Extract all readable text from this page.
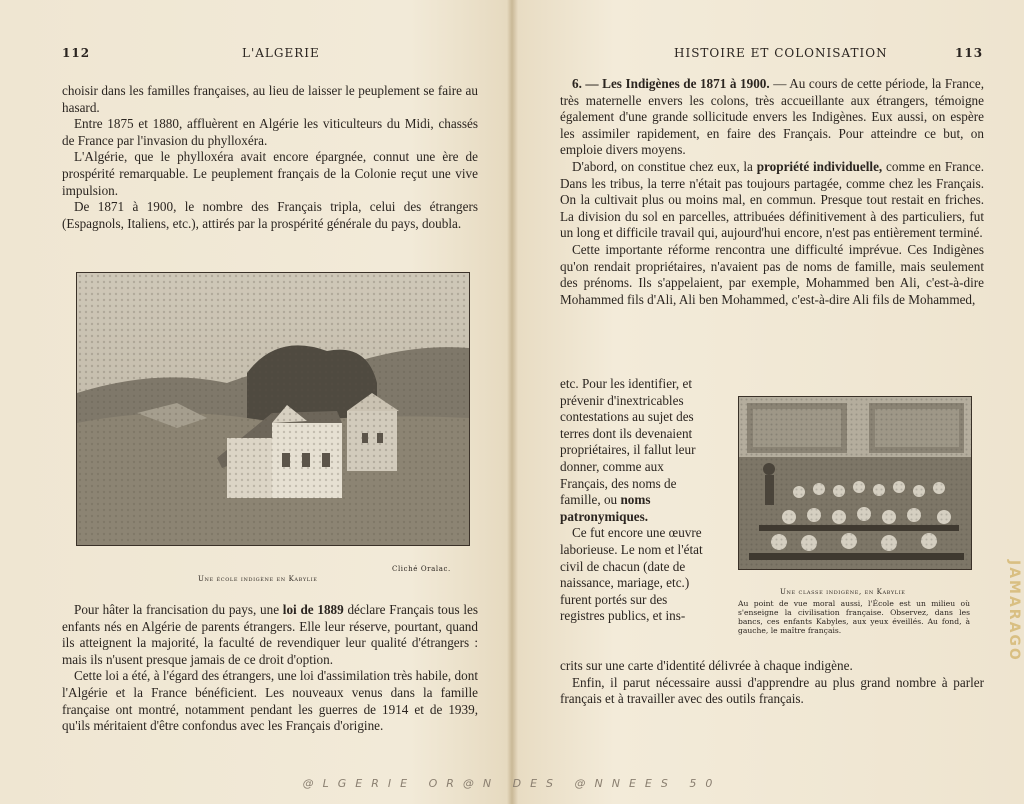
112	L'ALGERIE

choisir dans les familles françaises, au lieu de laisser le peuplement se faire au hasard.

Entre 1875 et 1880, affluèrent en Algérie les viticulteurs du Midi, chassés de France par l'invasion du phylloxéra.

L'Algérie, que le phylloxéra avait encore épargnée, connut une ère de prospérité remarquable. Le peuplement français de la Colonie reçut une vive impulsion.

De 1871 à 1900, le nombre des Français tripla, celui des étrangers (Espagnols, Italiens, etc.), attirés par la prospérité générale du pays, doubla.

Cliché Oralac.
Une école indigène en Kabylie

Pour hâter la francisation du pays, une loi de 1889 déclare Français tous les enfants nés en Algérie de parents étrangers. Elle leur réserve, pourtant, quand ils atteignent la majorité, la faculté de revendiquer leur qualité d'étrangers : mais ils n'usent presque jamais de ce droit d'option.

Cette loi a été, à l'égard des étrangers, une loi d'assimilation très habile, dont l'Algérie et la France bénéficient. Les nouveaux venus dans la famille française ont montré, notamment pendant les guerres de 1914 et de 1939, qu'ils méritaient d'être confondus avec les Français d'origine.

HISTOIRE ET COLONISATION	113

6. — Les Indigènes de 1871 à 1900. — Au cours de cette période, la France, très maternelle envers les colons, très accueillante aux étrangers, témoigne également d'une grande sollicitude envers les Indigènes. Eux aussi, on espère les assimiler rapidement, en faire des Français. Pour atteindre ce but, on emploie divers moyens.

D'abord, on constitue chez eux, la propriété individuelle, comme en France. Dans les tribus, la terre n'était pas toujours partagée, comme chez les Français. On la cultivait plus ou moins mal, en commun. Presque tout restait en friches. La division du sol en parcelles, attribuées définitivement à des particuliers, fut un long et difficile travail qui, aujourd'hui encore, n'est pas entièrement terminé.

Cette importante réforme rencontra une difficulté imprévue. Ces Indigènes qu'on rendait propriétaires, n'avaient pas de noms de famille, mais seulement des prénoms. Ils s'appelaient, par exemple, Mohammed ben Ali, c'est-à-dire Mohammed fils d'Ali, Ali ben Mohammed, c'est-à-dire Ali fils de Mohammed,

etc. Pour les identifier, et prévenir d'inextricables contestations au sujet des terres dont ils devenaient propriétaires, il fallut leur donner, comme aux Français, des noms de famille, ou noms patronymiques.

Ce fut encore une œuvre laborieuse. Le nom et l'état civil de chacun (date de naissance, mariage, etc.) furent portés sur des registres publics, et ins-

Une classe indigène, en Kabylie
Au point de vue moral aussi, l'École est un milieu où s'enseigne la civilisation française. Observez, dans les bancs, ces enfants Kabyles, aux yeux éveillés. Au fond, à gauche, le maître français.

crits sur une carte d'identité délivrée à chaque indigène.

Enfin, il parut nécessaire aussi d'apprendre au plus grand nombre à parler français et à travailler avec des outils français.

JAMARAGO
@LGERIE OR@N DES @NNEES 50
